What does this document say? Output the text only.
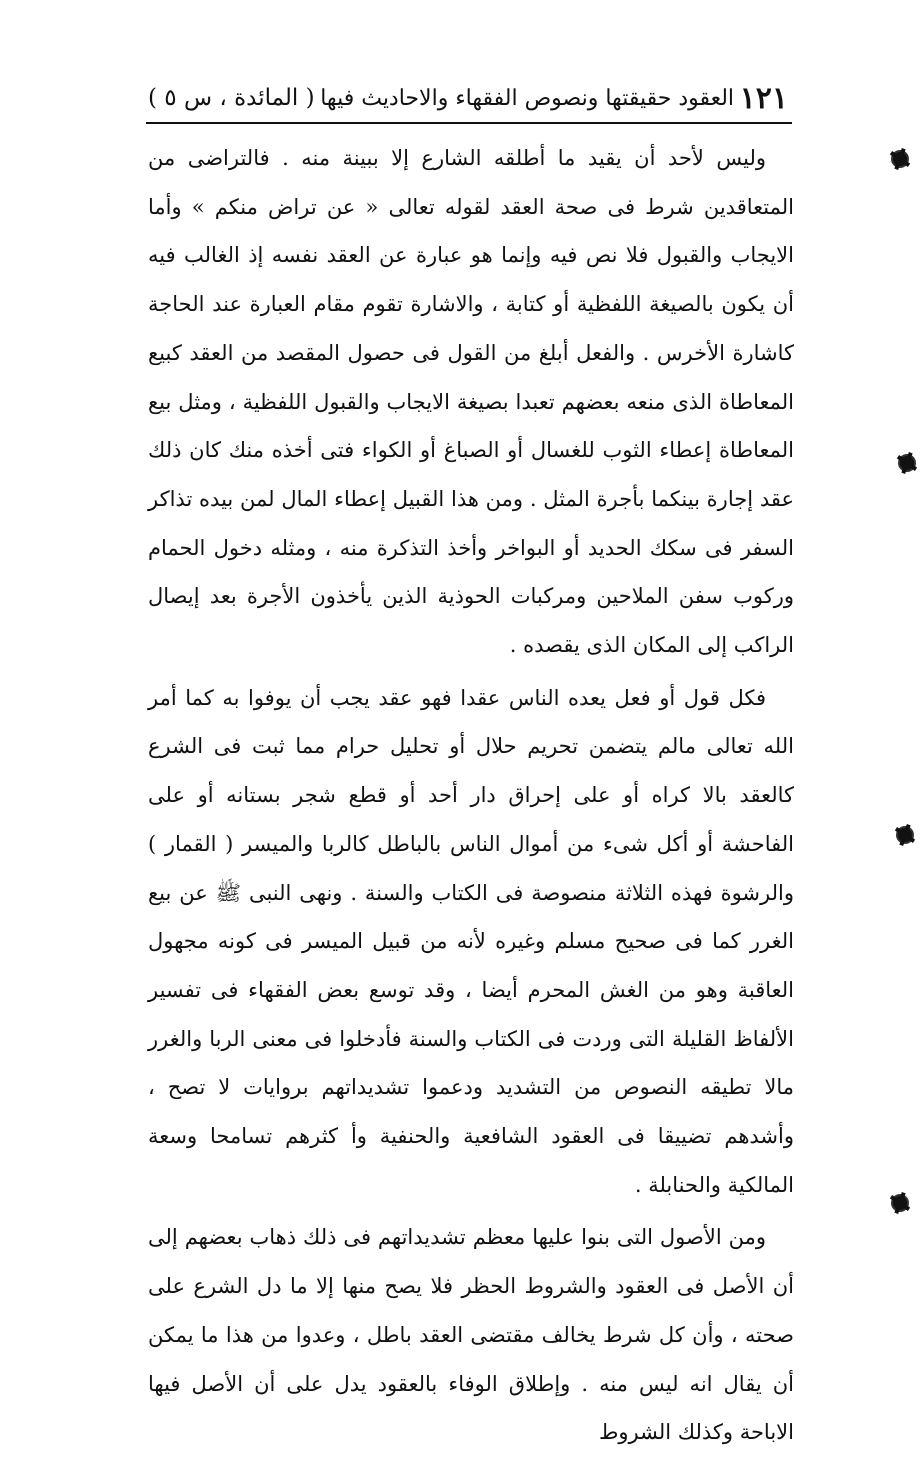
١٢١
العقود حقيقتها ونصوص الفقهاء والاحاديث فيها
( المائدة ، س ٥ )

وليس لأحد أن يقيد ما أطلقه الشارع إلا ببينة منه . فالتراضى من المتعاقدين شرط فى صحة العقد لقوله تعالى « عن تراض منكم » وأما الايجاب والقبول فلا نص فيه وإنما هو عبارة عن العقد نفسه إذ الغالب فيه أن يكون بالصيغة اللفظية أو كتابة ، والاشارة تقوم مقام العبارة عند الحاجة كاشارة الأخرس . والفعل أبلغ من القول فى حصول المقصد من العقد كبيع المعاطاة الذى منعه بعضهم تعبدا بصيغة الايجاب والقبول اللفظية ، ومثل بيع المعاطاة إعطاء الثوب للغسال أو الصباغ أو الكواء فتى أخذه منك كان ذلك عقد إجارة بينكما بأجرة المثل . ومن هذا القبيل إعطاء المال لمن بيده تذاكر السفر فى سكك الحديد أو البواخر وأخذ التذكرة منه ، ومثله دخول الحمام وركوب سفن الملاحين ومركبات الحوذية الذين يأخذون الأجرة بعد إيصال الراكب إلى المكان الذى يقصده .

فكل قول أو فعل يعده الناس عقدا فهو عقد يجب أن يوفوا به كما أمر الله تعالى مالم يتضمن تحريم حلال أو تحليل حرام مما ثبت فى الشرع كالعقد بالا كراه أو على إحراق دار أحد أو قطع شجر بستانه أو على الفاحشة أو أكل شىء من أموال الناس بالباطل كالربا والميسر ( القمار ) والرشوة فهذه الثلاثة منصوصة فى الكتاب والسنة . ونهى النبى ﷺ عن بيع الغرر كما فى صحيح مسلم وغيره لأنه من قبيل الميسر فى كونه مجهول العاقبة وهو من الغش المحرم أيضا ، وقد توسع بعض الفقهاء فى تفسير الألفاظ القليلة التى وردت فى الكتاب والسنة فأدخلوا فى معنى الربا والغرر مالا تطيقه النصوص من التشديد ودعموا تشديداتهم بروايات لا تصح ، وأشدهم تضييقا فى العقود الشافعية والحنفية وأ كثرهم تسامحا وسعة المالكية والحنابلة .

ومن الأصول التى بنوا عليها معظم تشديداتهم فى ذلك ذهاب بعضهم إلى أن الأصل فى العقود والشروط الحظر فلا يصح منها إلا ما دل الشرع على صحته ، وأن كل شرط يخالف مقتضى العقد باطل ، وعدوا من هذا ما يمكن أن يقال انه ليس منه . وإطلاق الوفاء بالعقود يدل على أن الأصل فيها الاباحة وكذلك الشروط
